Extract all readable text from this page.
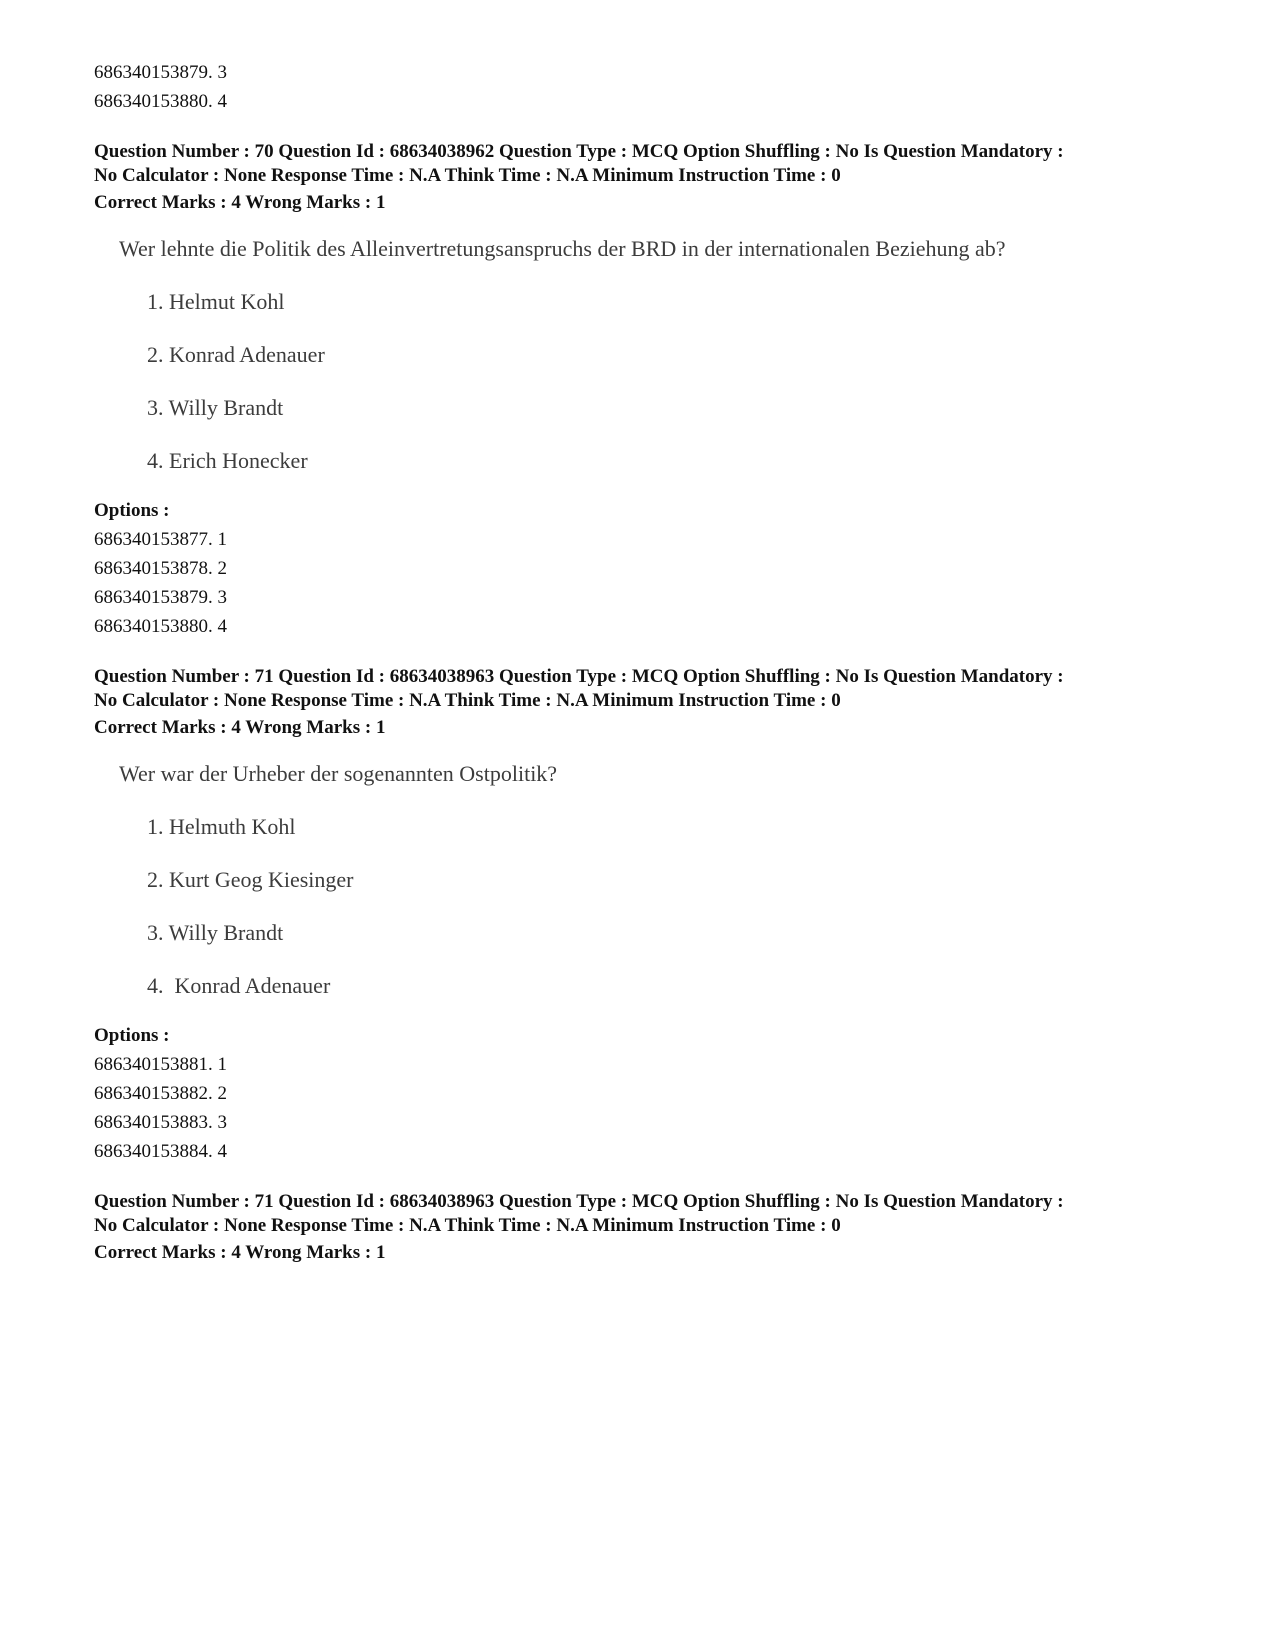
686340153879. 3
686340153880. 4
Question Number : 70 Question Id : 68634038962 Question Type : MCQ Option Shuffling : No Is Question Mandatory :
No Calculator : None Response Time : N.A Think Time : N.A Minimum Instruction Time : 0
Correct Marks : 4 Wrong Marks : 1
Wer lehnte die Politik des Alleinvertretungsanspruchs der BRD in der internationalen Beziehung ab?
1. Helmut Kohl
2. Konrad Adenauer
3. Willy Brandt
4. Erich Honecker
Options :
686340153877. 1
686340153878. 2
686340153879. 3
686340153880. 4
Question Number : 71 Question Id : 68634038963 Question Type : MCQ Option Shuffling : No Is Question Mandatory :
No Calculator : None Response Time : N.A Think Time : N.A Minimum Instruction Time : 0
Correct Marks : 4 Wrong Marks : 1
Wer war der Urheber der sogenannten Ostpolitik?
1. Helmuth Kohl
2. Kurt Geog Kiesinger
3. Willy Brandt
4.  Konrad Adenauer
Options :
686340153881. 1
686340153882. 2
686340153883. 3
686340153884. 4
Question Number : 71 Question Id : 68634038963 Question Type : MCQ Option Shuffling : No Is Question Mandatory :
No Calculator : None Response Time : N.A Think Time : N.A Minimum Instruction Time : 0
Correct Marks : 4 Wrong Marks : 1
